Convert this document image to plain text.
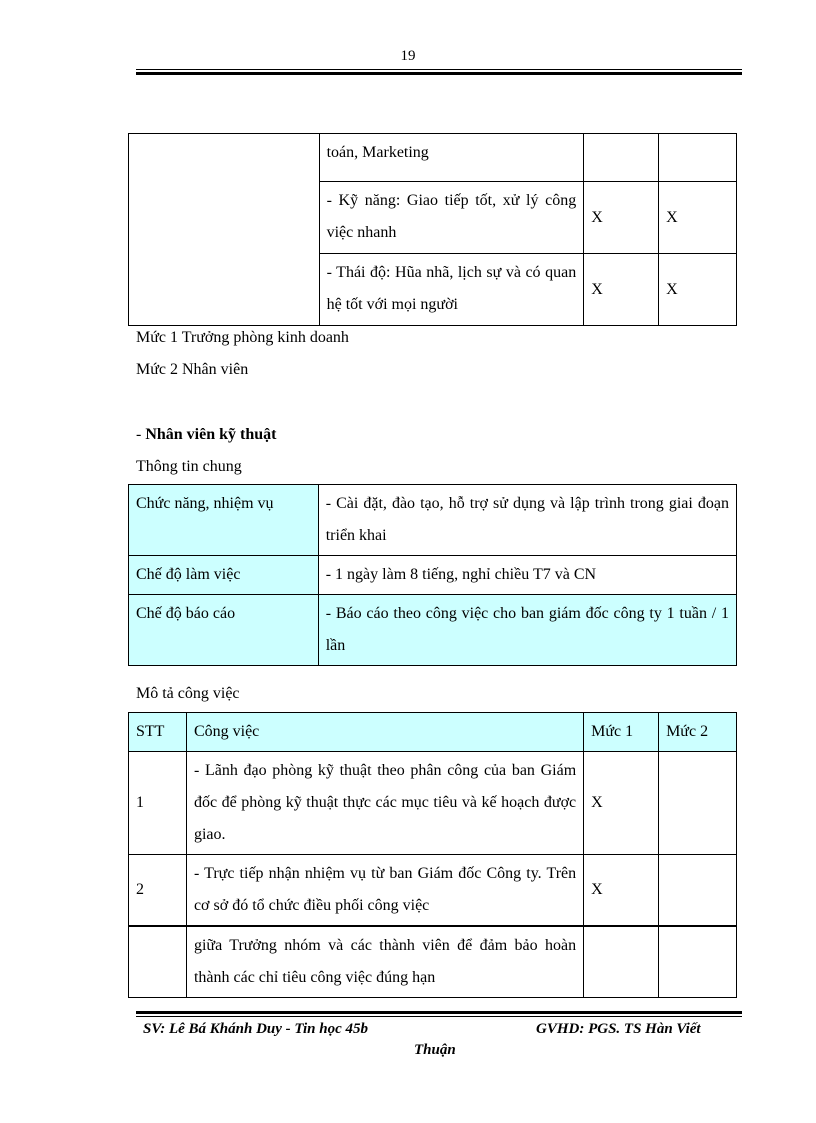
19
	toán, Marketing		
	- Kỹ năng: Giao tiếp tốt, xử lý công việc nhanh	X	X
	- Thái độ: Hũa nhã, lịch sự và có quan hệ tốt với mọi người	X	X
Mức 1 Trưởng phòng kinh doanh
Mức 2 Nhân viên
- Nhân viên kỹ thuật
Thông tin chung
Chức năng, nhiệm vụ	- Cài đặt, đào tạo, hỗ trợ sử dụng và lập trình trong giai đoạn triển khai
Chế độ làm việc	- 1 ngày làm 8 tiếng, nghỉ chiều T7 và CN
Chế độ báo cáo	- Báo cáo theo công việc cho ban giám đốc công ty 1 tuần / 1 lần
Mô tả công việc
STT	Công việc	Mức 1	Mức 2
1	- Lãnh đạo phòng kỹ thuật theo phân công của ban Giám đốc để phòng kỹ thuật thực các mục tiêu và kế hoạch được giao.	X	
2	- Trực tiếp nhận nhiệm vụ từ ban Giám đốc Công ty. Trên cơ sở đó tổ chức điều phối công việc	X	
	giữa Trưởng nhóm và các thành viên để đảm bảo hoàn thành các chỉ tiêu công việc đúng hạn		
SV: Lê Bá Khánh Duy - Tin học 45b	GVHD: PGS. TS Hàn Viết
Thuận
